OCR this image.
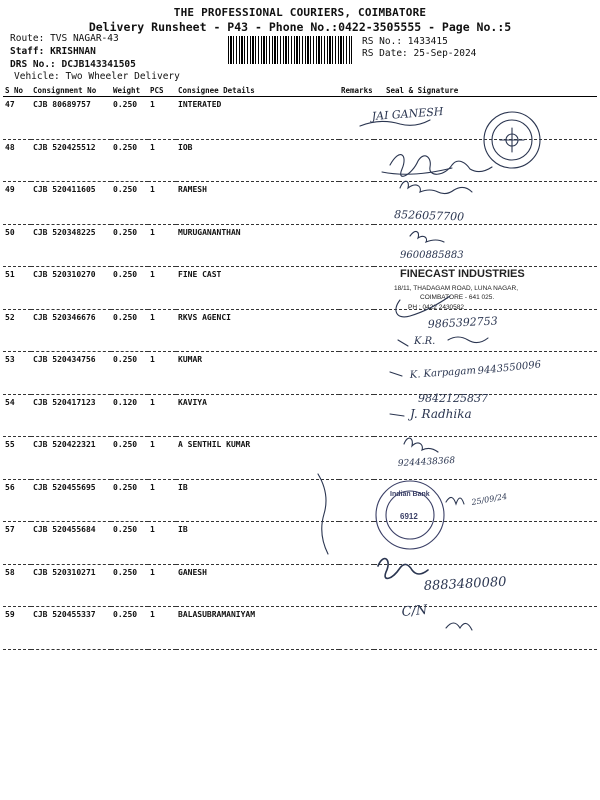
THE PROFESSIONAL COURIERS, COIMBATORE
Delivery Runsheet - P43 - Phone No.:0422-3505555 - Page No.:5
Route: TVS NAGAR-43
Staff: KRISHNAN
DRS No.: DCJB143341505
Vehicle: Two Wheeler Delivery
RS No.: 1433415
RS Date: 25-Sep-2024
S No	Consignment No	Weight	PCS	Consignee Details	Remarks	Seal & Signature
47	CJB 80689757	0.250	1	INTERATED		
48	CJB 520425512	0.250	1	IOB		
49	CJB 520411605	0.250	1	RAMESH		
50	CJB 520348225	0.250	1	MURUGANANTHAN		
51	CJB 520310270	0.250	1	FINE CAST		
52	CJB 520346676	0.250	1	RKVS AGENCI		
53	CJB 520434756	0.250	1	KUMAR		
54	CJB 520417123	0.120	1	KAVIYA		
55	CJB 520422321	0.250	1	A SENTHIL KUMAR		
56	CJB 520455695	0.250	1	IB		
57	CJB 520455684	0.250	1	IB		
58	CJB 520310271	0.250	1	GANESH		
59	CJB 520455337	0.250	1	BALASUBRAMANIYAM		
JAI GANESH
8526057700
9600885883
FINECAST INDUSTRIES
18/11, THADAGAM ROAD, LUNA NAGAR,
COIMBATORE - 641 025.
PH : 0422 2430582
9865392753
K.R.
K. Karpagam 9443550096
9842125837
J. Radhika
9244438368
Indian Bank
6912
25/09/24
8883480080
C/N
